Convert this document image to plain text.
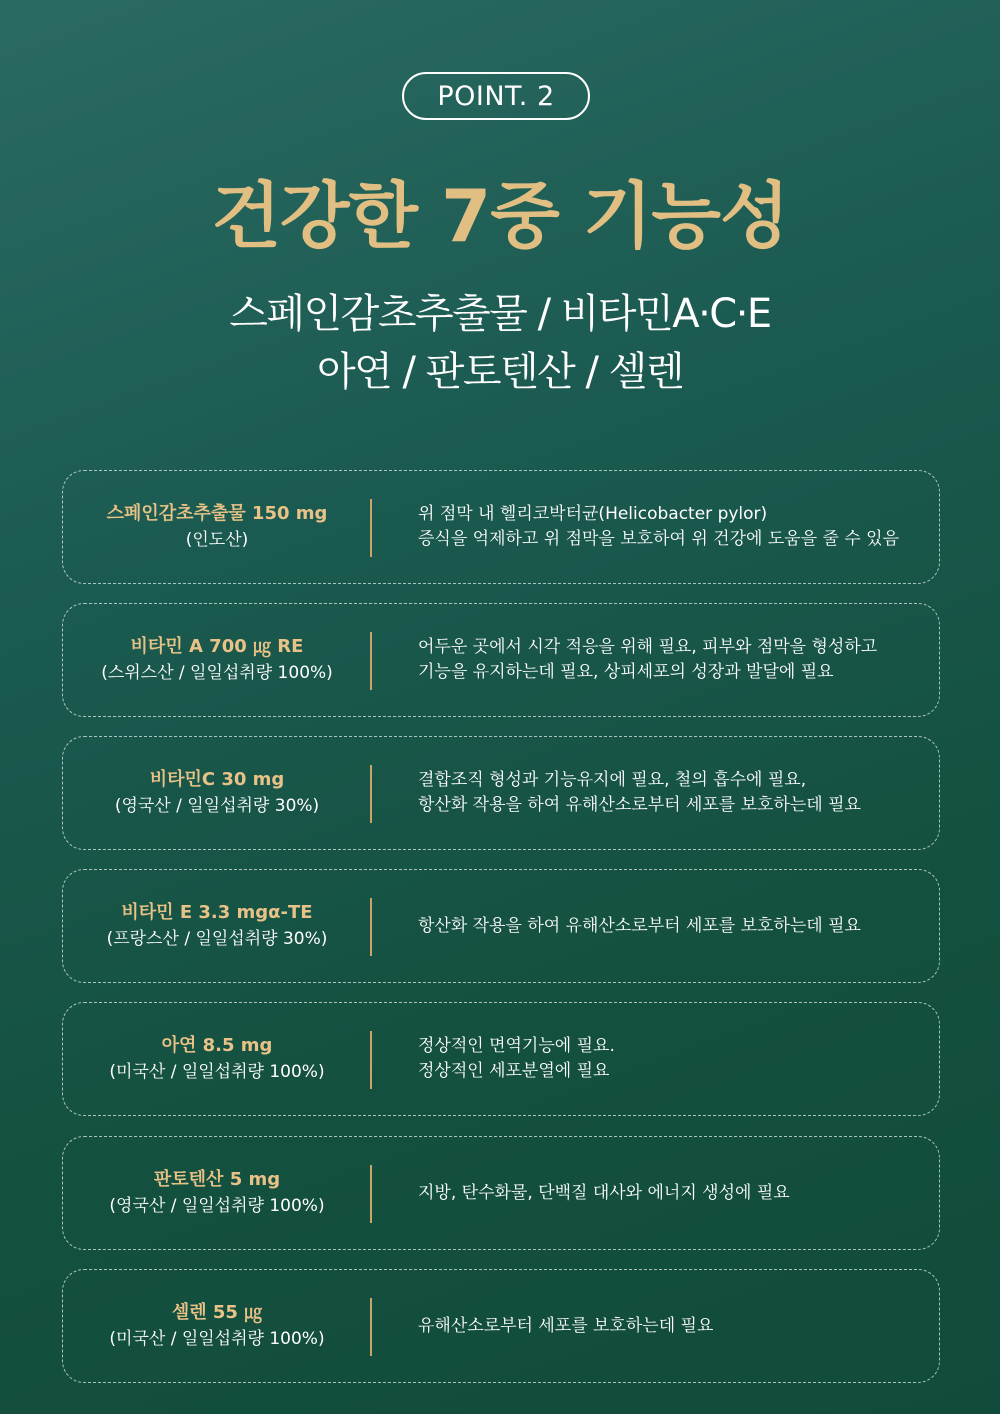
POINT. 2
건강한 7중 기능성
스페인감초추출물 / 비타민A·C·E
아연 / 판토텐산 / 셀렌
스페인감초추출물 150 mg
(인도산)
위 점막 내 헬리코박터균(Helicobacter pylor)
증식을 억제하고 위 점막을 보호하여 위 건강에 도움을 줄 수 있음
비타민 A 700 ㎍ RE
(스위스산 / 일일섭취량 100%)
어두운 곳에서 시각 적응을 위해 필요, 피부와 점막을 형성하고
기능을 유지하는데 필요, 상피세포의 성장과 발달에 필요
비타민C 30 mg
(영국산 / 일일섭취량 30%)
결합조직 형성과 기능유지에 필요, 철의 흡수에 필요,
항산화 작용을 하여 유해산소로부터 세포를 보호하는데 필요
비타민 E 3.3 mgα-TE
(프랑스산 / 일일섭취량 30%)
항산화 작용을 하여 유해산소로부터 세포를 보호하는데 필요
아연 8.5 mg
(미국산 / 일일섭취량 100%)
정상적인 면역기능에 필요.
정상적인 세포분열에 필요
판토텐산 5 mg
(영국산 / 일일섭취량 100%)
지방, 탄수화물, 단백질 대사와 에너지 생성에 필요
셀렌 55 ㎍
(미국산 / 일일섭취량 100%)
유해산소로부터 세포를 보호하는데 필요
